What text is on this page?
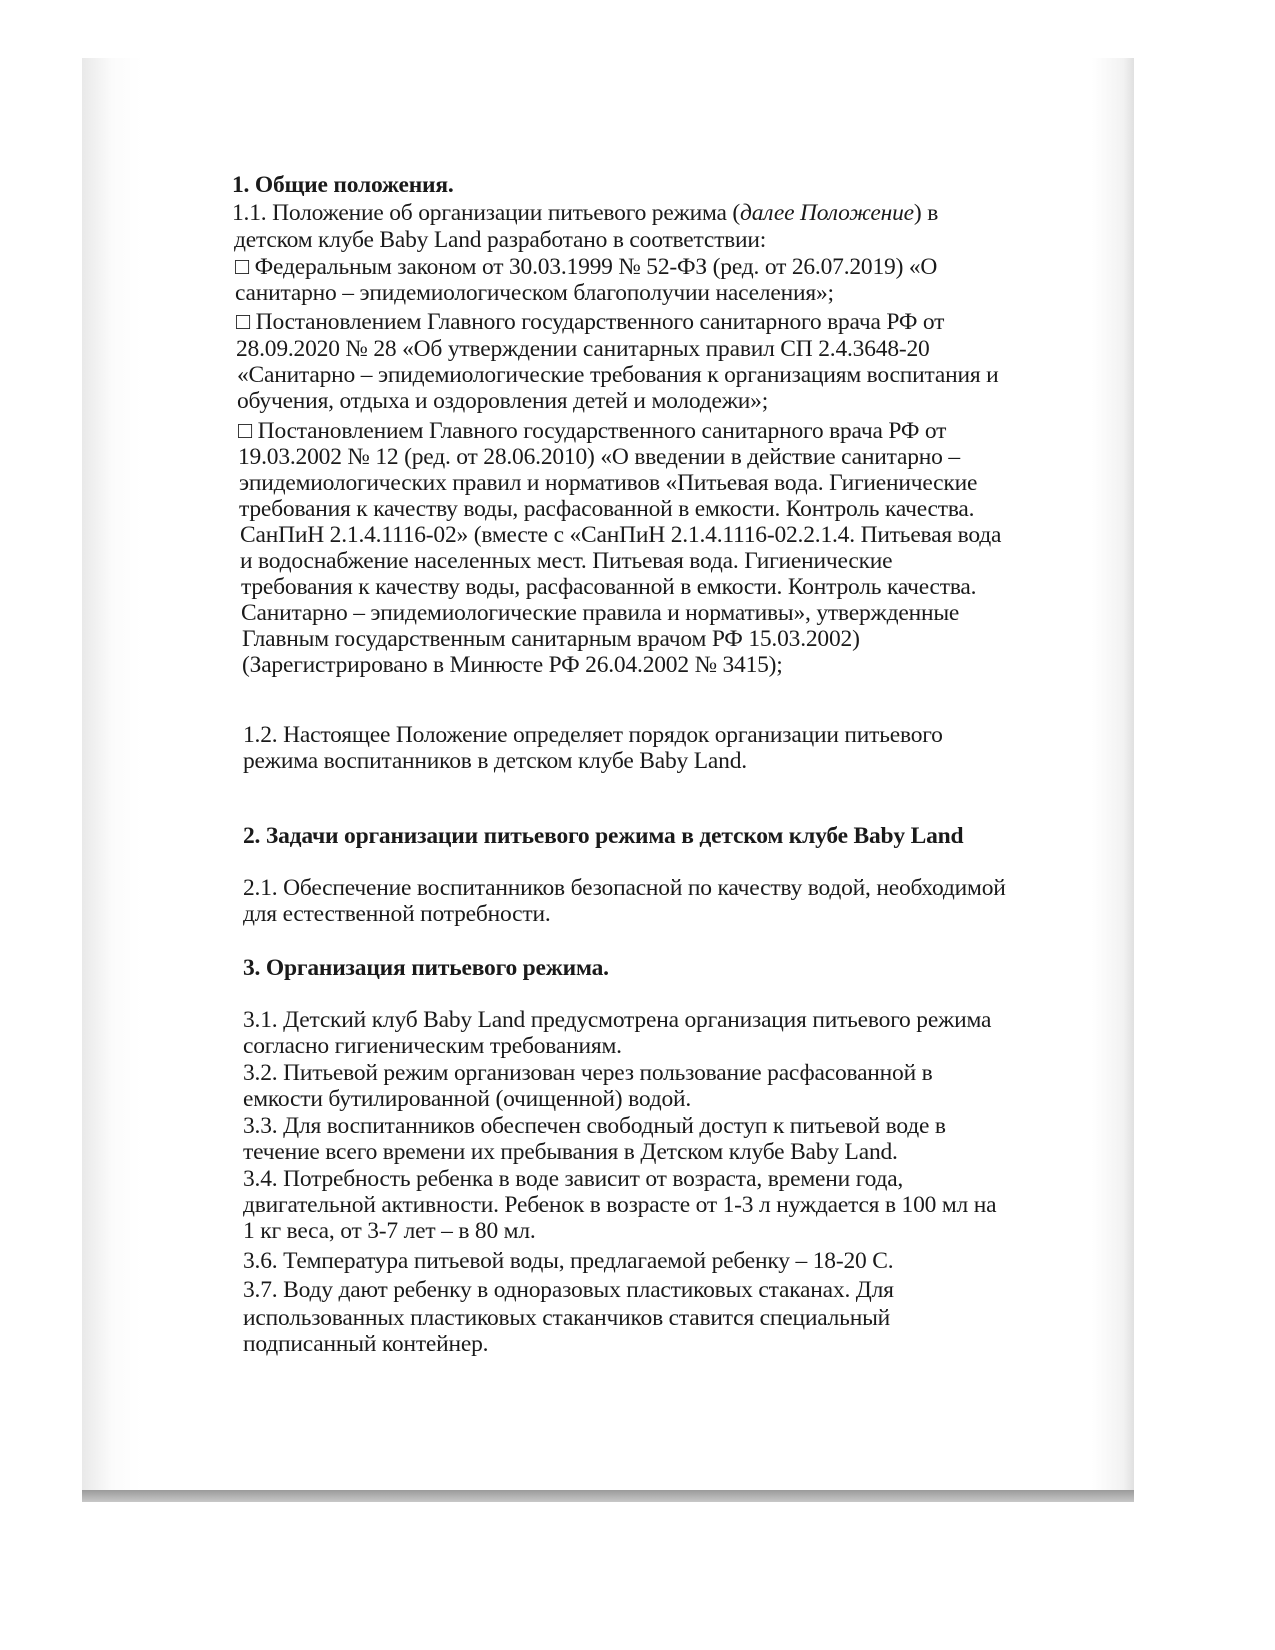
1. Общие положения.
1.1. Положение об организации питьевого режима (далее Положение) в
детском клубе Baby Land разработано в соответствии:
□ Федеральным законом от 30.03.1999 № 52-ФЗ (ред. от 26.07.2019) «О
санитарно – эпидемиологическом благополучии населения»;
□ Постановлением Главного государственного санитарного врача РФ от
28.09.2020 № 28 «Об утверждении санитарных правил СП 2.4.3648-20
«Санитарно – эпидемиологические требования к организациям воспитания и
обучения, отдыха и оздоровления детей и молодежи»;
□ Постановлением Главного государственного санитарного врача РФ от
19.03.2002 № 12 (ред. от 28.06.2010) «О введении в действие санитарно –
эпидемиологических правил и нормативов «Питьевая вода. Гигиенические
требования к качеству воды, расфасованной в емкости. Контроль качества.
СанПиН 2.1.4.1116-02» (вместе с «СанПиН 2.1.4.1116-02.2.1.4. Питьевая вода
и водоснабжение населенных мест. Питьевая вода. Гигиенические
требования к качеству воды, расфасованной в емкости. Контроль качества.
Санитарно – эпидемиологические правила и нормативы», утвержденные
Главным государственным санитарным врачом РФ 15.03.2002)
(Зарегистрировано в Минюсте РФ 26.04.2002 № 3415);
1.2. Настоящее Положение определяет порядок организации питьевого
режима воспитанников в детском клубе Baby Land.
2. Задачи организации питьевого режима в детском клубе Baby Land
2.1. Обеспечение воспитанников безопасной по качеству водой, необходимой
для естественной потребности.
3. Организация питьевого режима.
3.1. Детский клуб Baby Land предусмотрена организация питьевого режима
согласно гигиеническим требованиям.
3.2. Питьевой режим организован через пользование расфасованной в
емкости бутилированной (очищенной) водой.
3.3. Для воспитанников обеспечен свободный доступ к питьевой воде в
течение всего времени их пребывания в Детском клубе Baby Land.
3.4. Потребность ребенка в воде зависит от возраста, времени года,
двигательной активности. Ребенок в возрасте от 1-3 л нуждается в 100 мл на
1 кг веса, от 3-7 лет – в 80 мл.
3.6. Температура питьевой воды, предлагаемой ребенку – 18-20 С.
3.7. Воду дают ребенку в одноразовых пластиковых стаканах. Для
использованных пластиковых стаканчиков ставится специальный
подписанный контейнер.
